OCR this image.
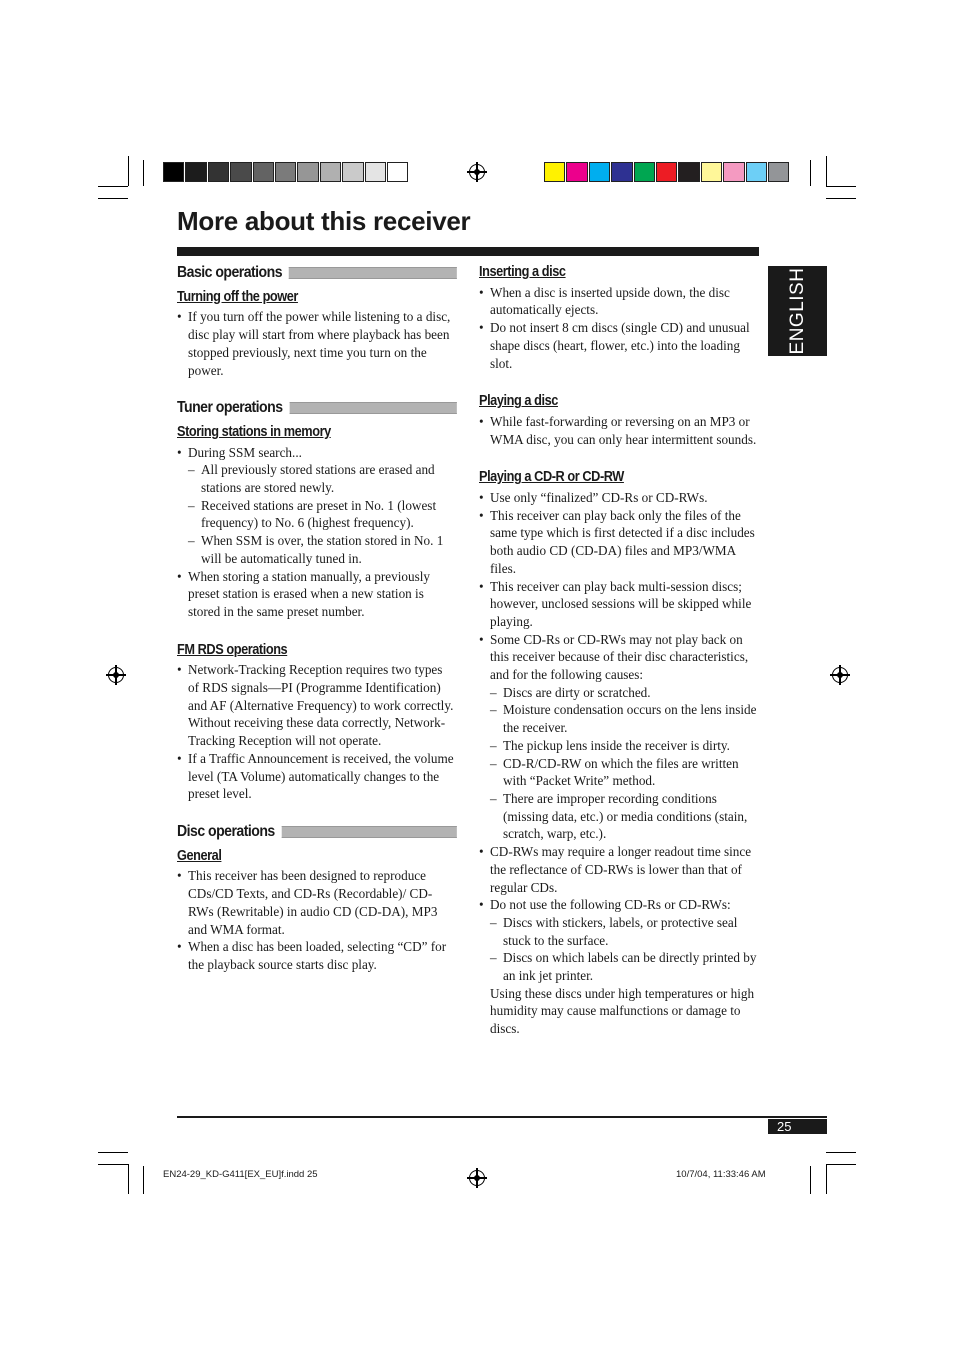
More about this receiver
ENGLISH
Basic operations
Turning off the power
• If you turn off the power while listening to a disc, disc play will start from where playback has been stopped previously, next time you turn on the power.
Tuner operations
Storing stations in memory
• During SSM search...
– All previously stored stations are erased and stations are stored newly.
– Received stations are preset in No. 1 (lowest frequency) to No. 6 (highest frequency).
– When SSM is over, the station stored in No. 1 will be automatically tuned in.
• When storing a station manually, a previously preset station is erased when a new station is stored in the same preset number.
FM RDS operations
• Network-Tracking Reception requires two types of RDS signals—PI (Programme Identification) and AF (Alternative Frequency) to work correctly. Without receiving these data correctly, Network-Tracking Reception will not operate.
• If a Traffic Announcement is received, the volume level (TA Volume) automatically changes to the preset level.
Disc operations
General
• This receiver has been designed to reproduce CDs/CD Texts, and CD-Rs (Recordable)/ CD-RWs (Rewritable) in audio CD (CD-DA), MP3 and WMA format.
• When a disc has been loaded, selecting “CD” for the playback source starts disc play.
Inserting a disc
• When a disc is inserted upside down, the disc automatically ejects.
• Do not insert 8 cm discs (single CD) and unusual shape discs (heart, flower, etc.) into the loading slot.
Playing a disc
• While fast-forwarding or reversing on an MP3 or WMA disc, you can only hear intermittent sounds.
Playing a CD-R or CD-RW
• Use only “finalized” CD-Rs or CD-RWs.
• This receiver can play back only the files of the same type which is first detected if a disc includes both audio CD (CD-DA) files and MP3/WMA files.
• This receiver can play back multi-session discs; however, unclosed sessions will be skipped while playing.
• Some CD-Rs or CD-RWs may not play back on this receiver because of their disc characteristics, and for the following causes:
– Discs are dirty or scratched.
– Moisture condensation occurs on the lens inside the receiver.
– The pickup lens inside the receiver is dirty.
– CD-R/CD-RW on which the files are written with “Packet Write” method.
– There are improper recording conditions (missing data, etc.) or media conditions (stain, scratch, warp, etc.).
• CD-RWs may require a longer readout time since the reflectance of CD-RWs is lower than that of regular CDs.
• Do not use the following CD-Rs or CD-RWs:
– Discs with stickers, labels, or protective seal stuck to the surface.
– Discs on which labels can be directly printed by an ink jet printer.
Using these discs under high temperatures or high humidity may cause malfunctions or damage to discs.
25
EN24-29_KD-G411[EX_EU]f.indd 25	10/7/04, 11:33:46 AM
